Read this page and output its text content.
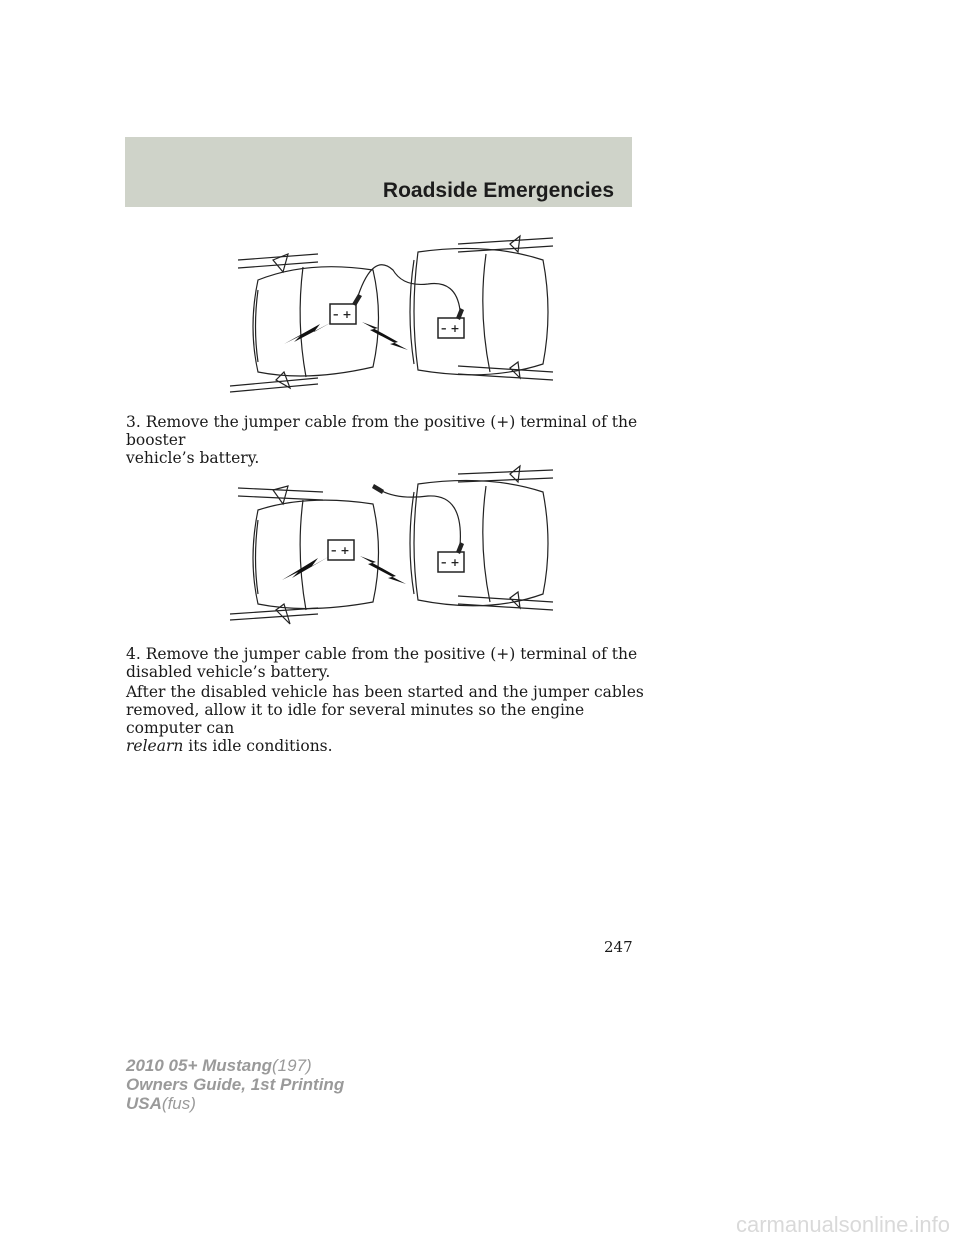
Roadside Emergencies
– +
– +

3. Remove the jumper cable from the positive (+) terminal of the booster
vehicle’s battery.

– +
– +

4. Remove the jumper cable from the positive (+) terminal of the
disabled vehicle’s battery.

After the disabled vehicle has been started and the jumper cables
removed, allow it to idle for several minutes so the engine computer can
relearn its idle conditions.

247
2010 05+ Mustang(197)
Owners Guide, 1st Printing
USA(fus)
carmanualsonline.info
